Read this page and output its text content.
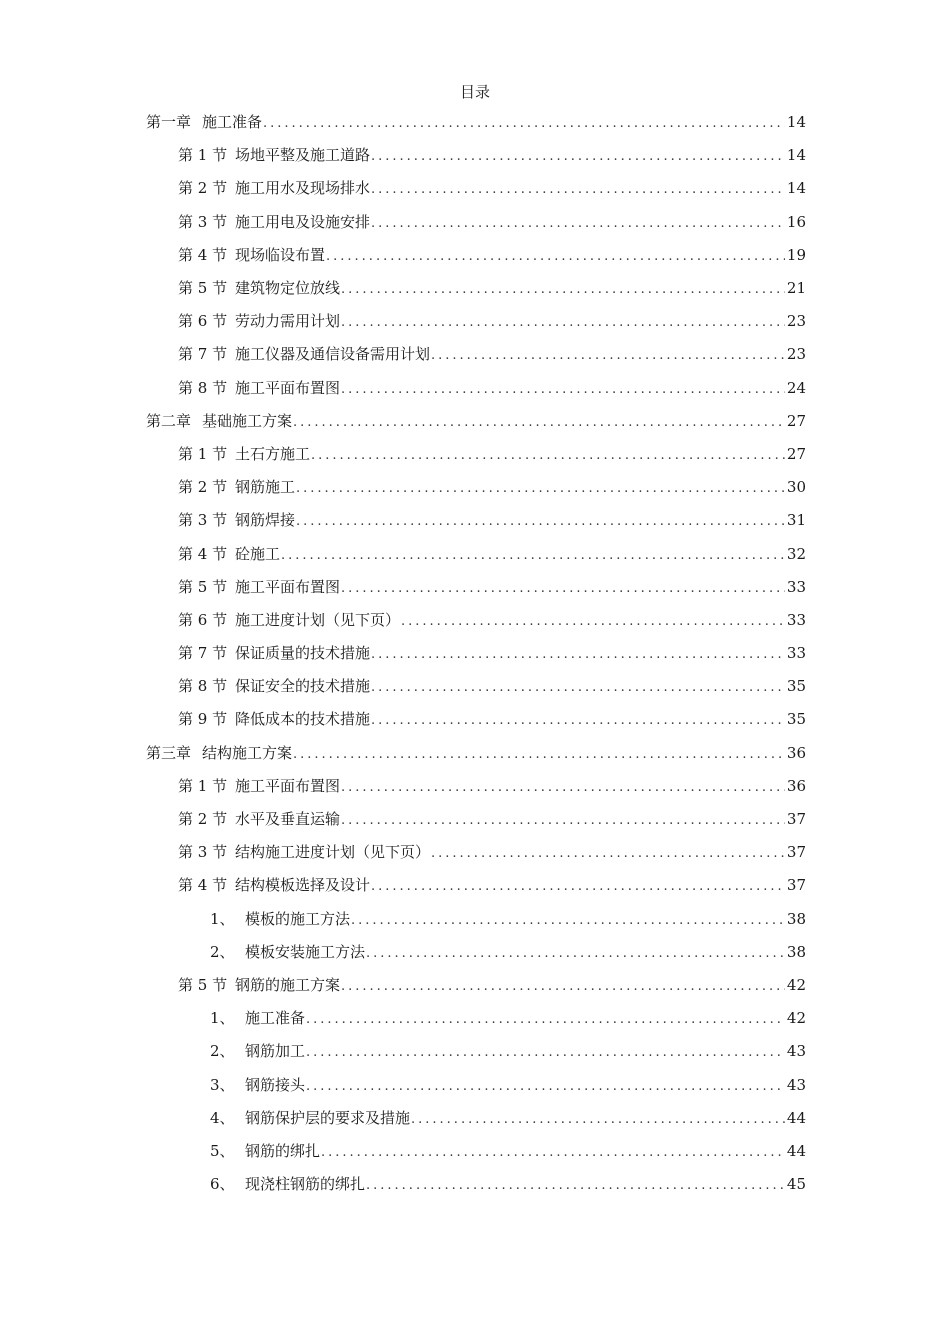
目录
第一章 施工准备 .....	14
第 1 节 场地平整及施工道路 .....	14
第 2 节 施工用水及现场排水 .....	14
第 3 节 施工用电及设施安排 .....	16
第 4 节 现场临设布置 .....	19
第 5 节 建筑物定位放线 .....	21
第 6 节 劳动力需用计划 .....	23
第 7 节 施工仪器及通信设备需用计划 .....	23
第 8 节 施工平面布置图 .....	24
第二章 基础施工方案 .....	27
第 1 节 土石方施工 .....	27
第 2 节 钢筋施工 .....	30
第 3 节 钢筋焊接 .....	31
第 4 节 砼施工 .....	32
第 5 节 施工平面布置图 .....	33
第 6 节 施工进度计划（见下页） .....	33
第 7 节 保证质量的技术措施 .....	33
第 8 节 保证安全的技术措施 .....	35
第 9 节 降低成本的技术措施 .....	35
第三章 结构施工方案 .....	36
第 1 节 施工平面布置图 .....	36
第 2 节 水平及垂直运输 .....	37
第 3 节 结构施工进度计划（见下页） .....	37
第 4 节 结构模板选择及设计 .....	37
1、 模板的施工方法 .....	38
2、 模板安装施工方法 .....	38
第 5 节 钢筋的施工方案 .....	42
1、 施工准备 .....	42
2、 钢筋加工 .....	43
3、 钢筋接头 .....	43
4、 钢筋保护层的要求及措施 .....	44
5、 钢筋的绑扎 .....	44
6、 现浇柱钢筋的绑扎 .....	45
